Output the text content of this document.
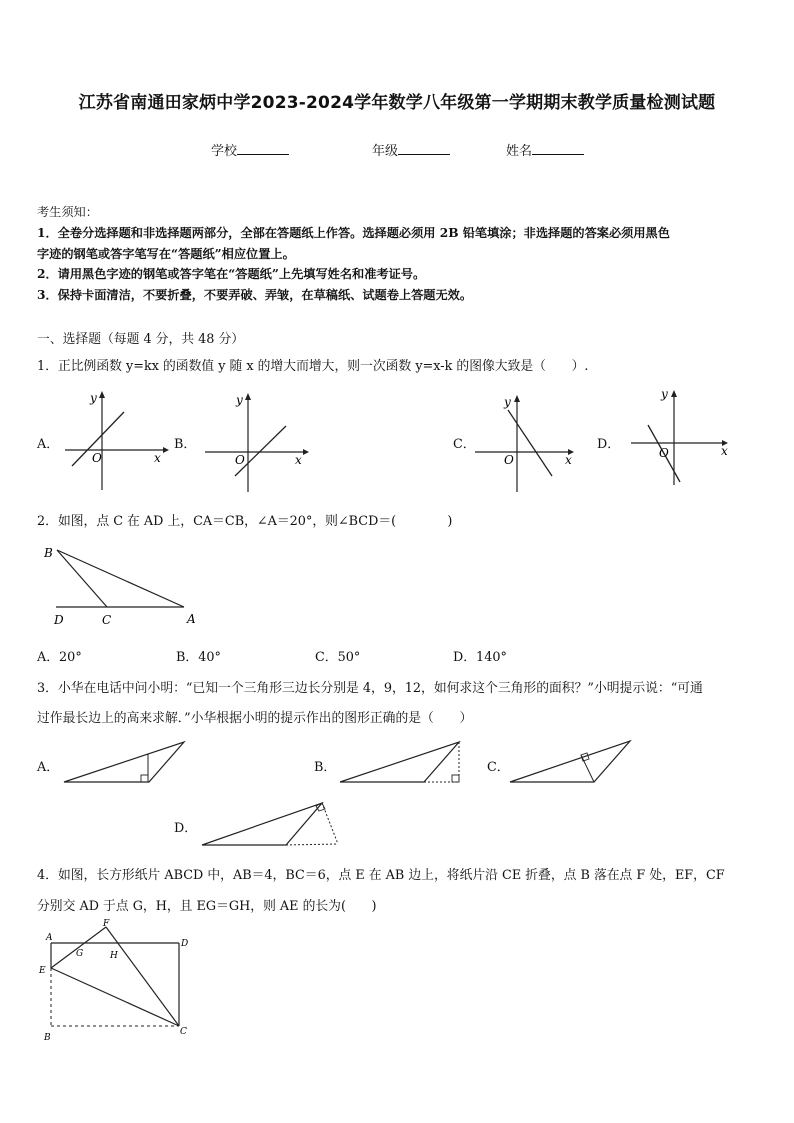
江苏省南通田家炳中学2023-2024学年数学八年级第一学期期末教学质量检测试题
学校	年级	姓名
考生须知：
1．全卷分选择题和非选择题两部分，全部在答题纸上作答。选择题必须用 2B 铅笔填涂；非选择题的答案必须用黑色
字迹的钢笔或答字笔写在“答题纸”相应位置上。
2．请用黑色字迹的钢笔或答字笔在“答题纸”上先填写姓名和准考证号。
3．保持卡面清洁，不要折叠，不要弄破、弄皱，在草稿纸、试题卷上答题无效。
一、选择题（每题 4 分，共 48 分）
1．正比例函数 y=kx 的函数值 y 随 x 的增大而增大，则一次函数 y=x-k 的图像大致是（　　）.
A．
y
x
O
B．
y
x
O
C．
y
x
O
D．
y
x
O
2．如图，点 C 在 AD 上，CA＝CB，∠A＝20°，则∠BCD＝(　　　　)
B
D	C	A
A．20°	B．40°	C．50°	D．140°
3．小华在电话中问小明：“已知一个三角形三边长分别是 4，9，12，如何求这个三角形的面积？”小明提示说：“可通
过作最长边上的高来求解．”小华根据小明的提示作出的图形正确的是（　　）
A．	B．	C．
D．
4．如图，长方形纸片 ABCD 中，AB＝4，BC＝6，点 E 在 AB 边上，将纸片沿 CE 折叠，点 B 落在点 F 处，EF，CF
分别交 AD 于点 G，H，且 EG＝GH，则 AE 的长为(　　)
A
F
D
G	H
E
B
C
